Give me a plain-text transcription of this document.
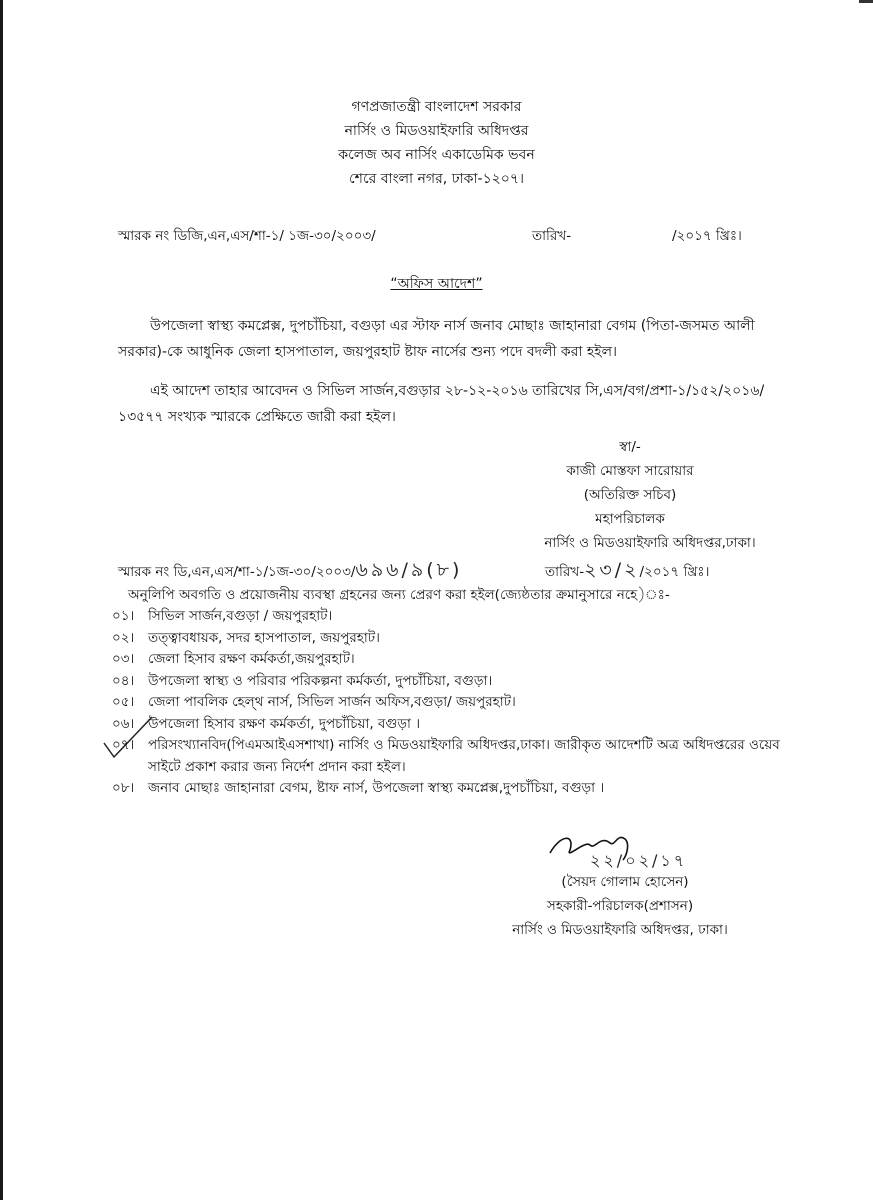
গণপ্রজাতন্ত্রী বাংলাদেশ সরকার
নার্সিং ও মিডওয়াইফারি অধিদপ্তর
কলেজ অব নার্সিং একাডেমিক ভবন
শেরে বাংলা নগর, ঢাকা-১২০৭।
স্মারক নং ডিজি,এন,এস/শা-১/ ১জ-৩০/২০০৩/	তারিখ-	/২০১৭ খ্রিঃ।
“অফিস আদেশ”
উপজেলা স্বাস্থ্য কমপ্লেক্স, দুপচাঁচিয়া, বগুড়া এর স্টাফ নার্স জনাব মোছাঃ জাহানারা বেগম (পিতা-জসমত আলী সরকার)-কে আধুনিক জেলা হাসপাতাল, জয়পুরহাট ষ্টাফ নার্সের শুন্য পদে বদলী করা হইল।
এই আদেশ তাহার আবেদন ও সিভিল সার্জন,বগুড়ার ২৮-১২-২০১৬ তারিখের সি,এস/বগ/প্রশা-১/১৫২/২০১৬/ ১৩৫৭৭ সংখ্যক স্মারকে প্রেক্ষিতে জারী করা হইল।
স্বা/-
কাজী মোস্তফা সারোয়ার
(অতিরিক্ত সচিব)
মহাপরিচালক
নার্সিং ও মিডওয়াইফারি অধিদপ্তর,ঢাকা।
স্মারক নং ডি,এন,এস/শা-১/১জ-৩০/২০০৩/৬৯৬/৯(৮)	তারিখ-২৩/২/২০১৭ খ্রিঃ।
অনুলিপি অবগতি ও প্রয়োজনীয় ব্যবস্থা গ্রহনের জন্য প্রেরণ করা হইল(জ্যেষ্ঠতার ক্রমানুসারে নহে)ঃ-
০১।	সিভিল সার্জন,বগুড়া / জয়পুরহাট।
০২।	তত্ত্বাবধায়ক, সদর হাসপাতাল, জয়পুরহাট।
০৩।	জেলা হিসাব রক্ষণ কর্মকর্তা,জয়পুরহাট।
০৪।	উপজেলা স্বাস্থ্য ও পরিবার পরিকল্পনা কর্মকর্তা, দুপচাঁচিয়া, বগুড়া।
০৫।	জেলা পাবলিক হেল্থ নার্স, সিভিল সার্জন অফিস,বগুড়া/ জয়পুরহাট।
০৬।	উপজেলা হিসাব রক্ষণ কর্মকর্তা, দুপচাঁচিয়া, বগুড়া ।
০৭।	পরিসংখ্যানবিদ(পিএমআইএসশাখা) নার্সিং ও মিডওয়াইফারি অধিদপ্তর,ঢাকা। জারীকৃত আদেশটি অত্র অধিদপ্তরের ওয়েব সাইটে প্রকাশ করার জন্য নির্দেশ প্রদান করা হইল।
০৮।	জনাব মোছাঃ জাহানারা বেগম, ষ্টাফ নার্স, উপজেলা স্বাস্থ্য কমপ্লেক্স,দুপচাঁচিয়া, বগুড়া ।
২২/০২/১৭
(সৈয়দ গোলাম হোসেন)
সহকারী-পরিচালক(প্রশাসন)
নার্সিং ও মিডওয়াইফারি অধিদপ্তর, ঢাকা।
